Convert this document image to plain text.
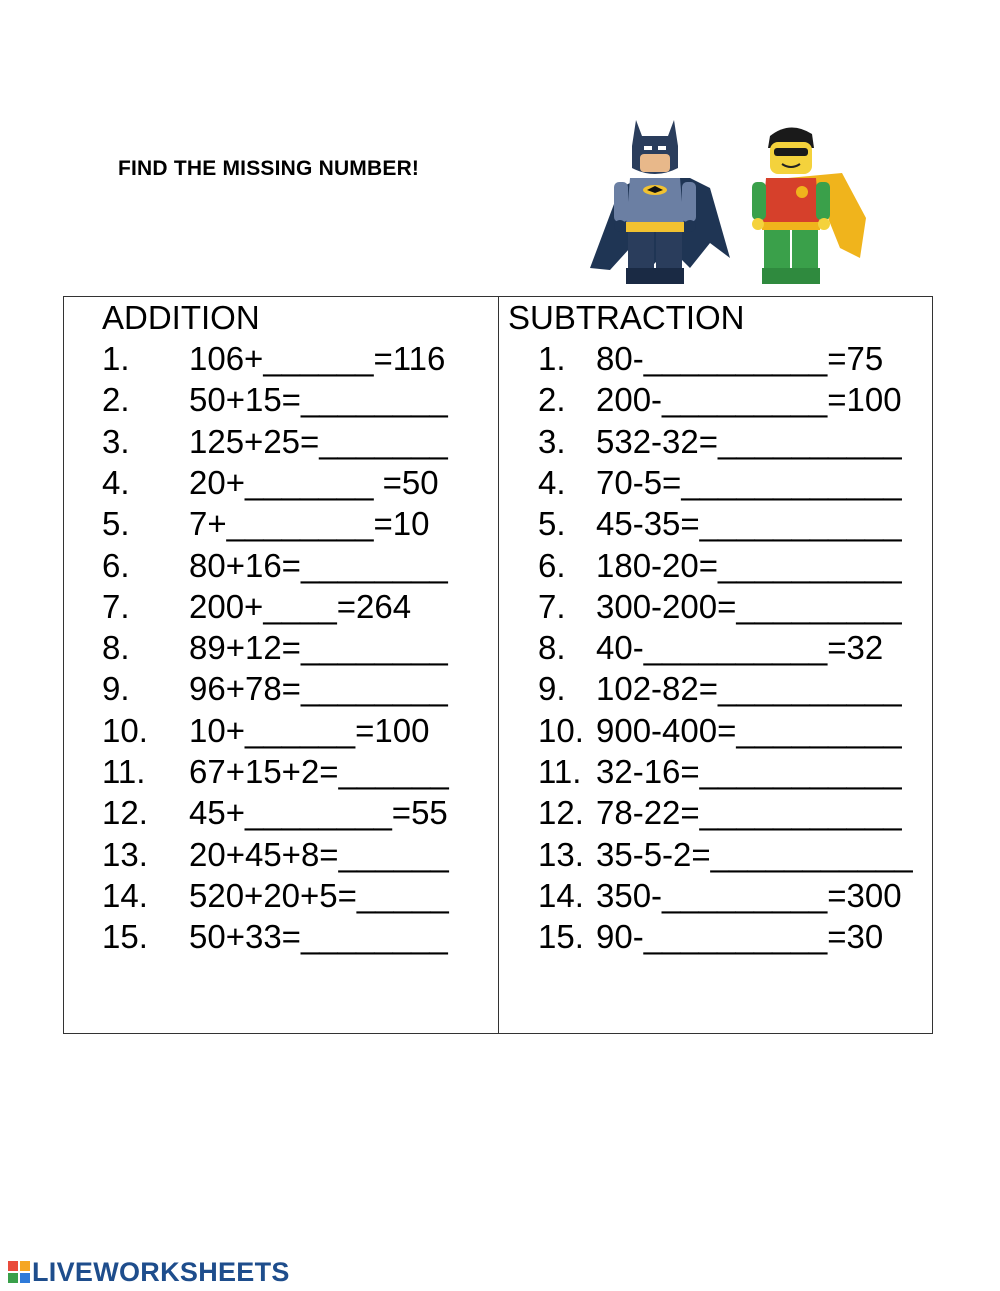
FIND THE MISSING NUMBER!
ADDITION	SUBTRACTION
1. 106+______=116
2. 50+15=________
3. 125+25=_______
4. 20+_______ =50
5. 7+________=10
6. 80+16=________
7. 200+____=264
8. 89+12=________
9. 96+78=________
10. 10+______=100
11. 67+15+2=______
12. 45+________=55
13. 20+45+8=______
14. 520+20+5=_____
15. 50+33=________
1. 80-__________=75
2. 200-_________=100
3. 532-32=__________
4. 70-5=____________
5. 45-35=___________
6. 180-20=__________
7. 300-200=_________
8. 40-__________=32
9. 102-82=__________
10. 900-400=_________
11. 32-16=___________
12. 78-22=___________
13. 35-5-2=___________
14. 350-_________=300
15. 90-__________=30
LIVEWORKSHEETS
